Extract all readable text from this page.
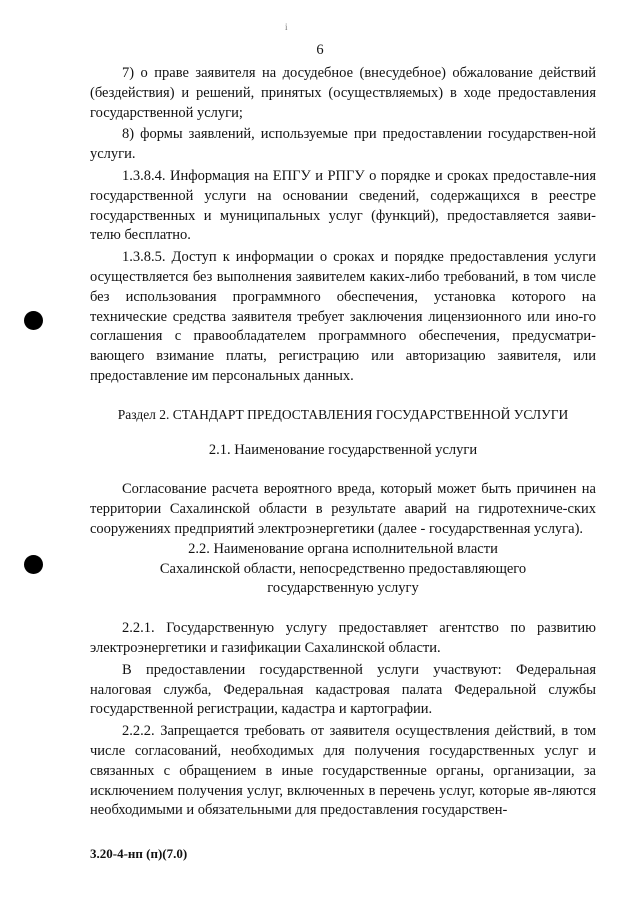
i
6

7) о праве заявителя на досудебное (внесудебное) обжалование действий (бездействия) и решений, принятых (осуществляемых) в ходе предоставления государственной услуги;

8) формы заявлений, используемые при предоставлении государствен-ной услуги.

1.3.8.4. Информация на ЕПГУ и РПГУ о порядке и сроках предоставле-ния государственной услуги на основании сведений, содержащихся в реестре государственных и муниципальных услуг (функций), предоставляется заяви-телю бесплатно.

1.3.8.5. Доступ к информации о сроках и порядке предоставления услуги осуществляется без выполнения заявителем каких-либо требований, в том числе без использования программного обеспечения, установка которого на технические средства заявителя требует заключения лицензионного или ино-го соглашения с правообладателем программного обеспечения, предусматри-вающего взимание платы, регистрацию или авторизацию заявителя, или предоставление им персональных данных.

Раздел 2. СТАНДАРТ ПРЕДОСТАВЛЕНИЯ ГОСУДАРСТВЕННОЙ УСЛУГИ

2.1. Наименование государственной услуги

Согласование расчета вероятного вреда, который может быть причинен на территории Сахалинской области в результате аварий на гидротехниче-ских сооружениях предприятий электроэнергетики (далее - государственная услуга).

2.2. Наименование органа исполнительной власти

Сахалинской области, непосредственно предоставляющего

государственную услугу

2.2.1. Государственную услугу предоставляет агентство по развитию электроэнергетики и газификации Сахалинской области.

В предоставлении государственной услуги участвуют: Федеральная налоговая служба, Федеральная кадастровая палата Федеральной службы государственной регистрации, кадастра и картографии.

2.2.2. Запрещается требовать от заявителя осуществления действий, в том числе согласований, необходимых для получения государственных услуг и связанных с обращением в иные государственные органы, организации, за исключением получения услуг, включенных в перечень услуг, которые яв-ляются необходимыми и обязательными для предоставления государствен-

3.20-4-нп (п)(7.0)
